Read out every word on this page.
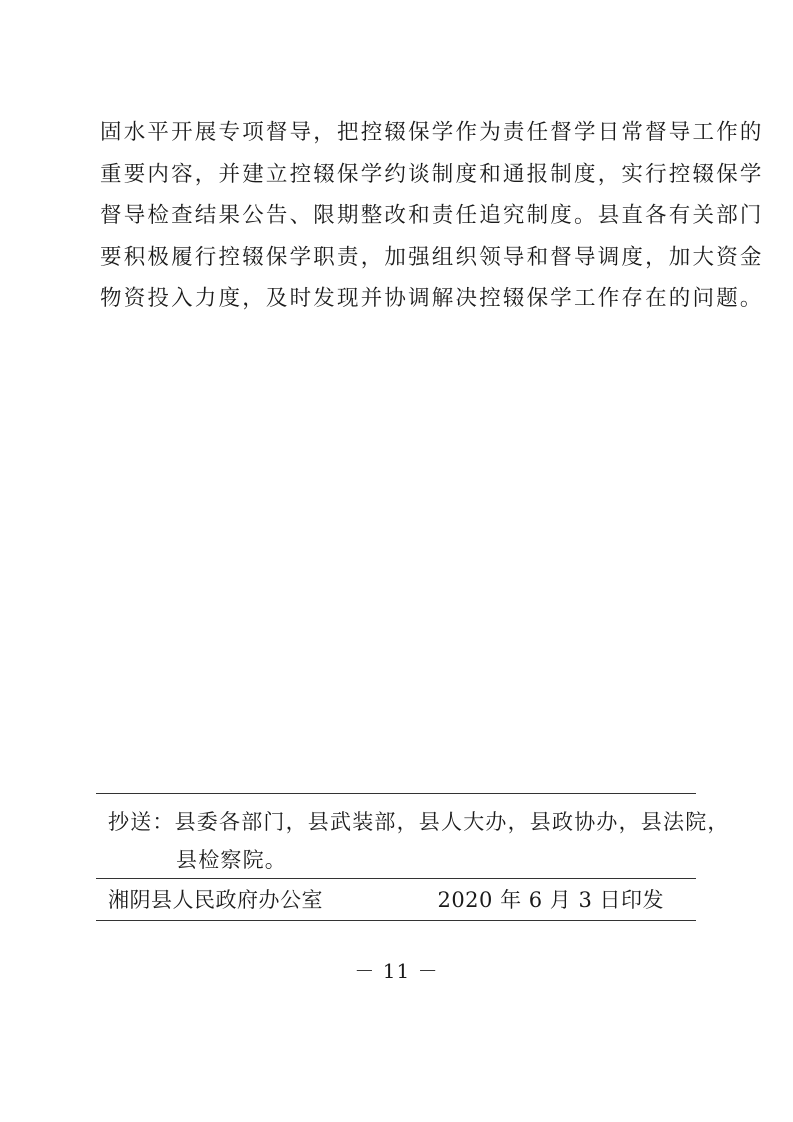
固水平开展专项督导，把控辍保学作为责任督学日常督导工作的
重要内容，并建立控辍保学约谈制度和通报制度，实行控辍保学
督导检查结果公告、限期整改和责任追究制度。县直各有关部门
要积极履行控辍保学职责，加强组织领导和督导调度，加大资金
物资投入力度，及时发现并协调解决控辍保学工作存在的问题。
抄送：县委各部门，县武装部，县人大办，县政协办，县法院，
县检察院。
湘阴县人民政府办公室	2020 年 6 月 3 日印发
－ 11 －
